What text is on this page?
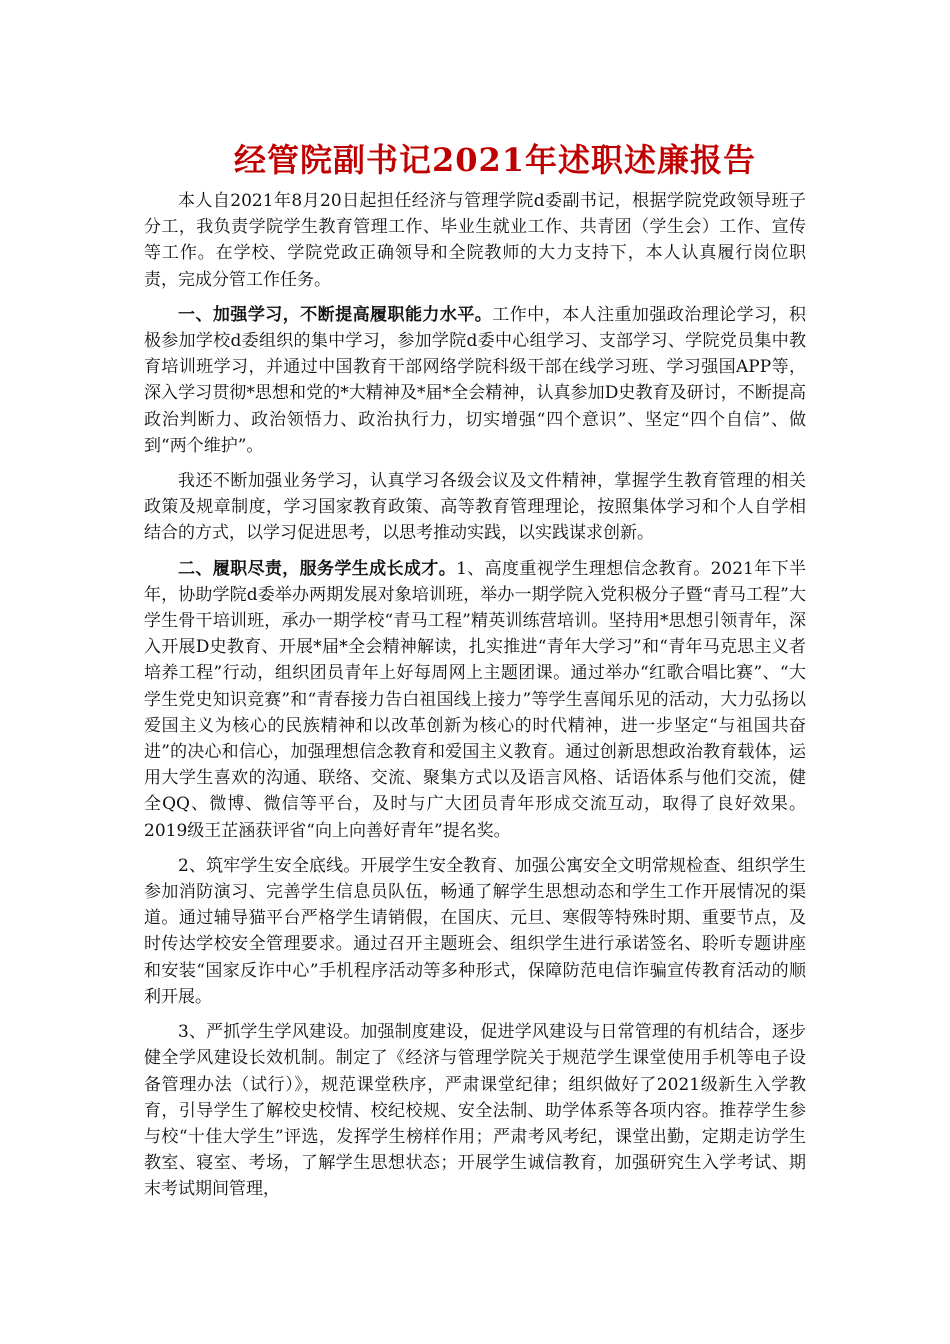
经管院副书记2021年述职述廉报告

本人自2021年8月20日起担任经济与管理学院d委副书记，根据学院党政领导班子分工，我负责学院学生教育管理工作、毕业生就业工作、共青团（学生会）工作、宣传等工作。在学校、学院党政正确领导和全院教师的大力支持下，本人认真履行岗位职责，完成分管工作任务。

一、加强学习，不断提高履职能力水平。工作中，本人注重加强政治理论学习，积极参加学校d委组织的集中学习，参加学院d委中心组学习、支部学习、学院党员集中教育培训班学习，并通过中国教育干部网络学院科级干部在线学习班、学习强国APP等，深入学习贯彻*思想和党的*大精神及*届*全会精神，认真参加D史教育及研讨，不断提高政治判断力、政治领悟力、政治执行力，切实增强“四个意识”、坚定“四个自信”、做到“两个维护”。

我还不断加强业务学习，认真学习各级会议及文件精神，掌握学生教育管理的相关政策及规章制度，学习国家教育政策、高等教育管理理论，按照集体学习和个人自学相结合的方式，以学习促进思考，以思考推动实践，以实践谋求创新。

二、履职尽责，服务学生成长成才。1、高度重视学生理想信念教育。2021年下半年，协助学院d委举办两期发展对象培训班，举办一期学院入党积极分子暨“青马工程”大学生骨干培训班，承办一期学校“青马工程”精英训练营培训。坚持用*思想引领青年，深入开展D史教育、开展*届*全会精神解读，扎实推进“青年大学习”和“青年马克思主义者培养工程”行动，组织团员青年上好每周网上主题团课。通过举办“红歌合唱比赛”、“大学生党史知识竞赛”和“青春接力告白祖国线上接力”等学生喜闻乐见的活动，大力弘扬以爱国主义为核心的民族精神和以改革创新为核心的时代精神，进一步坚定“与祖国共奋进”的决心和信心，加强理想信念教育和爱国主义教育。通过创新思想政治教育载体，运用大学生喜欢的沟通、联络、交流、聚集方式以及语言风格、话语体系与他们交流，健全QQ、微博、微信等平台，及时与广大团员青年形成交流互动，取得了良好效果。2019级王芷涵获评省“向上向善好青年”提名奖。

2、筑牢学生安全底线。开展学生安全教育、加强公寓安全文明常规检查、组织学生参加消防演习、完善学生信息员队伍，畅通了解学生思想动态和学生工作开展情况的渠道。通过辅导猫平台严格学生请销假，在国庆、元旦、寒假等特殊时期、重要节点，及时传达学校安全管理要求。通过召开主题班会、组织学生进行承诺签名、聆听专题讲座和安装“国家反诈中心”手机程序活动等多种形式，保障防范电信诈骗宣传教育活动的顺利开展。

3、严抓学生学风建设。加强制度建设，促进学风建设与日常管理的有机结合，逐步健全学风建设长效机制。制定了《经济与管理学院关于规范学生课堂使用手机等电子设备管理办法（试行）》，规范课堂秩序，严肃课堂纪律；组织做好了2021级新生入学教育，引导学生了解校史校情、校纪校规、安全法制、助学体系等各项内容。推荐学生参与校“十佳大学生”评选，发挥学生榜样作用；严肃考风考纪，课堂出勤，定期走访学生教室、寝室、考场，了解学生思想状态；开展学生诚信教育，加强研究生入学考试、期末考试期间管理，
